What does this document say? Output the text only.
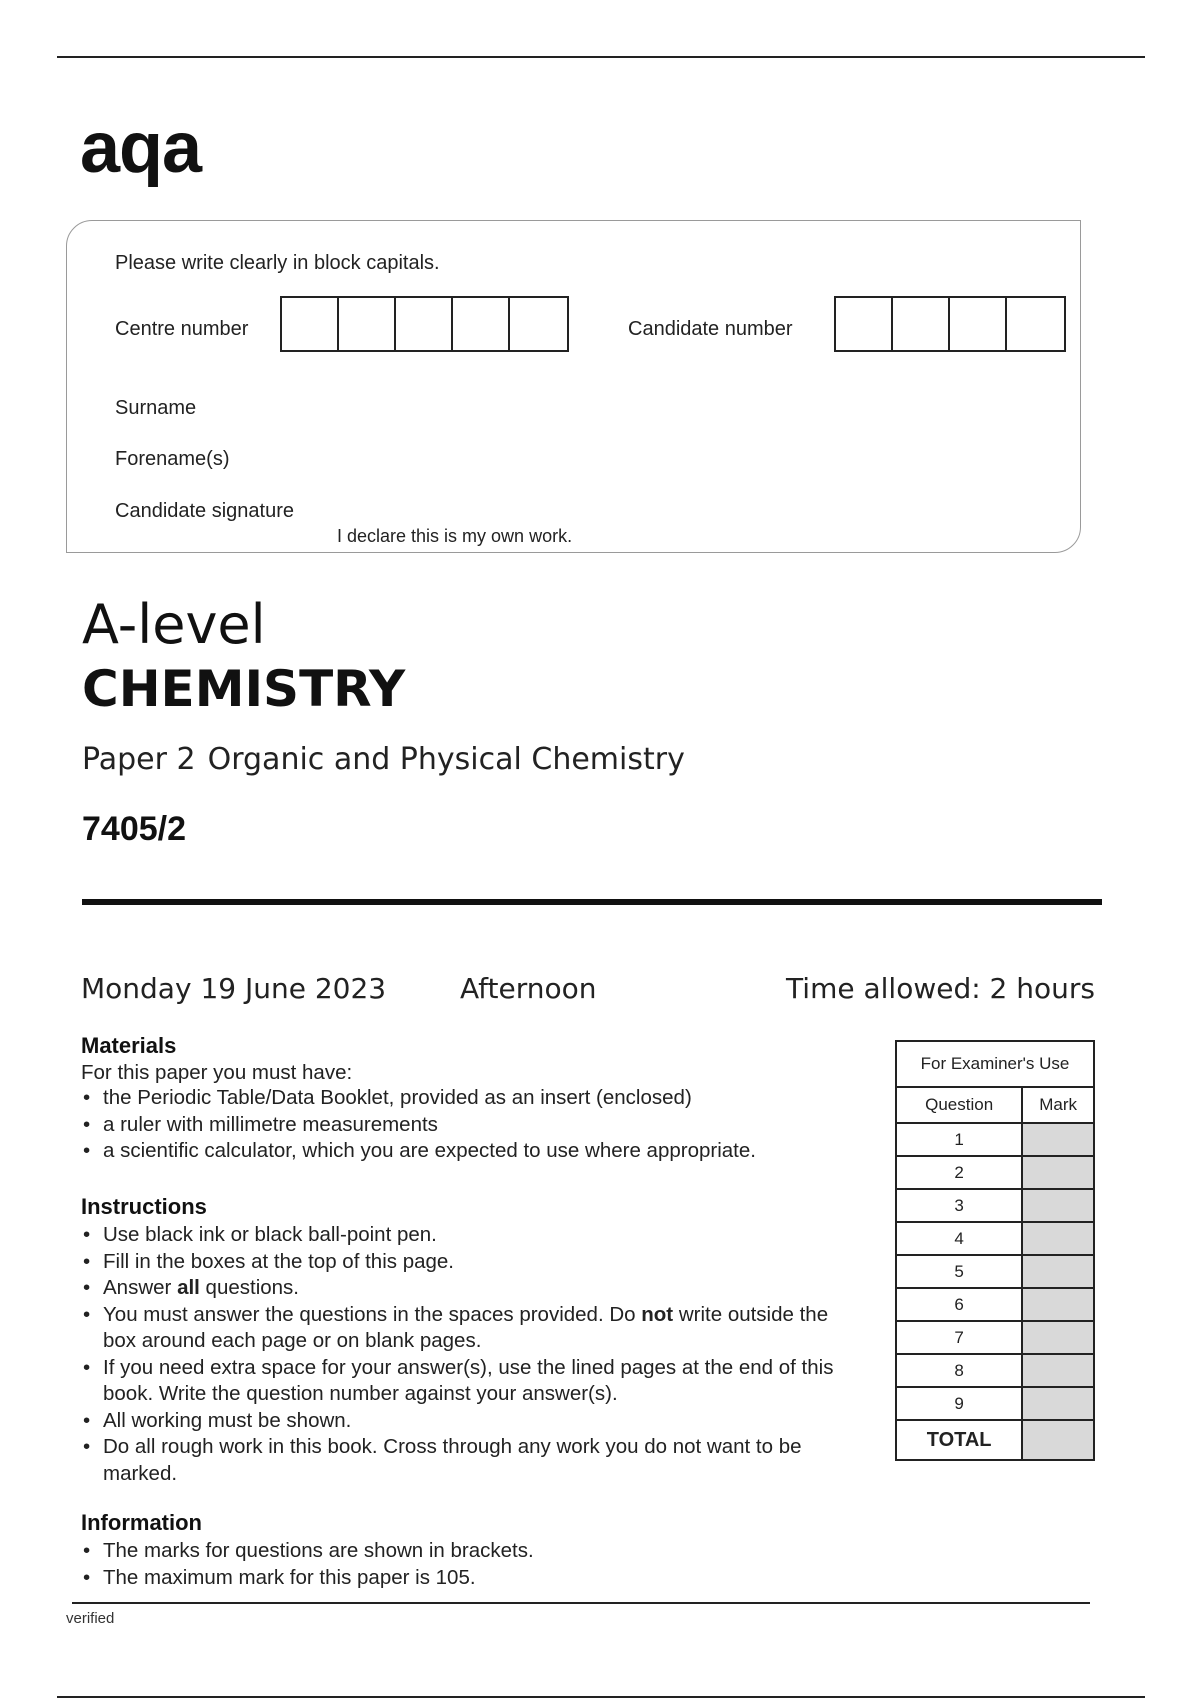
aqa
Please write clearly in block capitals.
Centre number	Candidate number
Surname
Forename(s)
Candidate signature
I declare this is my own work.
A-level
CHEMISTRY
Paper 2 Organic and Physical Chemistry
7405/2
Monday 19 June 2023	Afternoon	Time allowed: 2 hours
Materials
For this paper you must have:
• the Periodic Table/Data Booklet, provided as an insert (enclosed)
• a ruler with millimetre measurements
• a scientific calculator, which you are expected to use where appropriate.
Instructions
• Use black ink or black ball-point pen.
• Fill in the boxes at the top of this page.
• Answer all questions.
• You must answer the questions in the spaces provided. Do not write outside the box around each page or on blank pages.
• If you need extra space for your answer(s), use the lined pages at the end of this book. Write the question number against your answer(s).
• All working must be shown.
• Do all rough work in this book. Cross through any work you do not want to be marked.
Information
• The marks for questions are shown in brackets.
• The maximum mark for this paper is 105.
For Examiner's Use	
Question	Mark
1	
2	
3	
4	
5	
6	
7	
8	
9	
TOTAL	
verified
